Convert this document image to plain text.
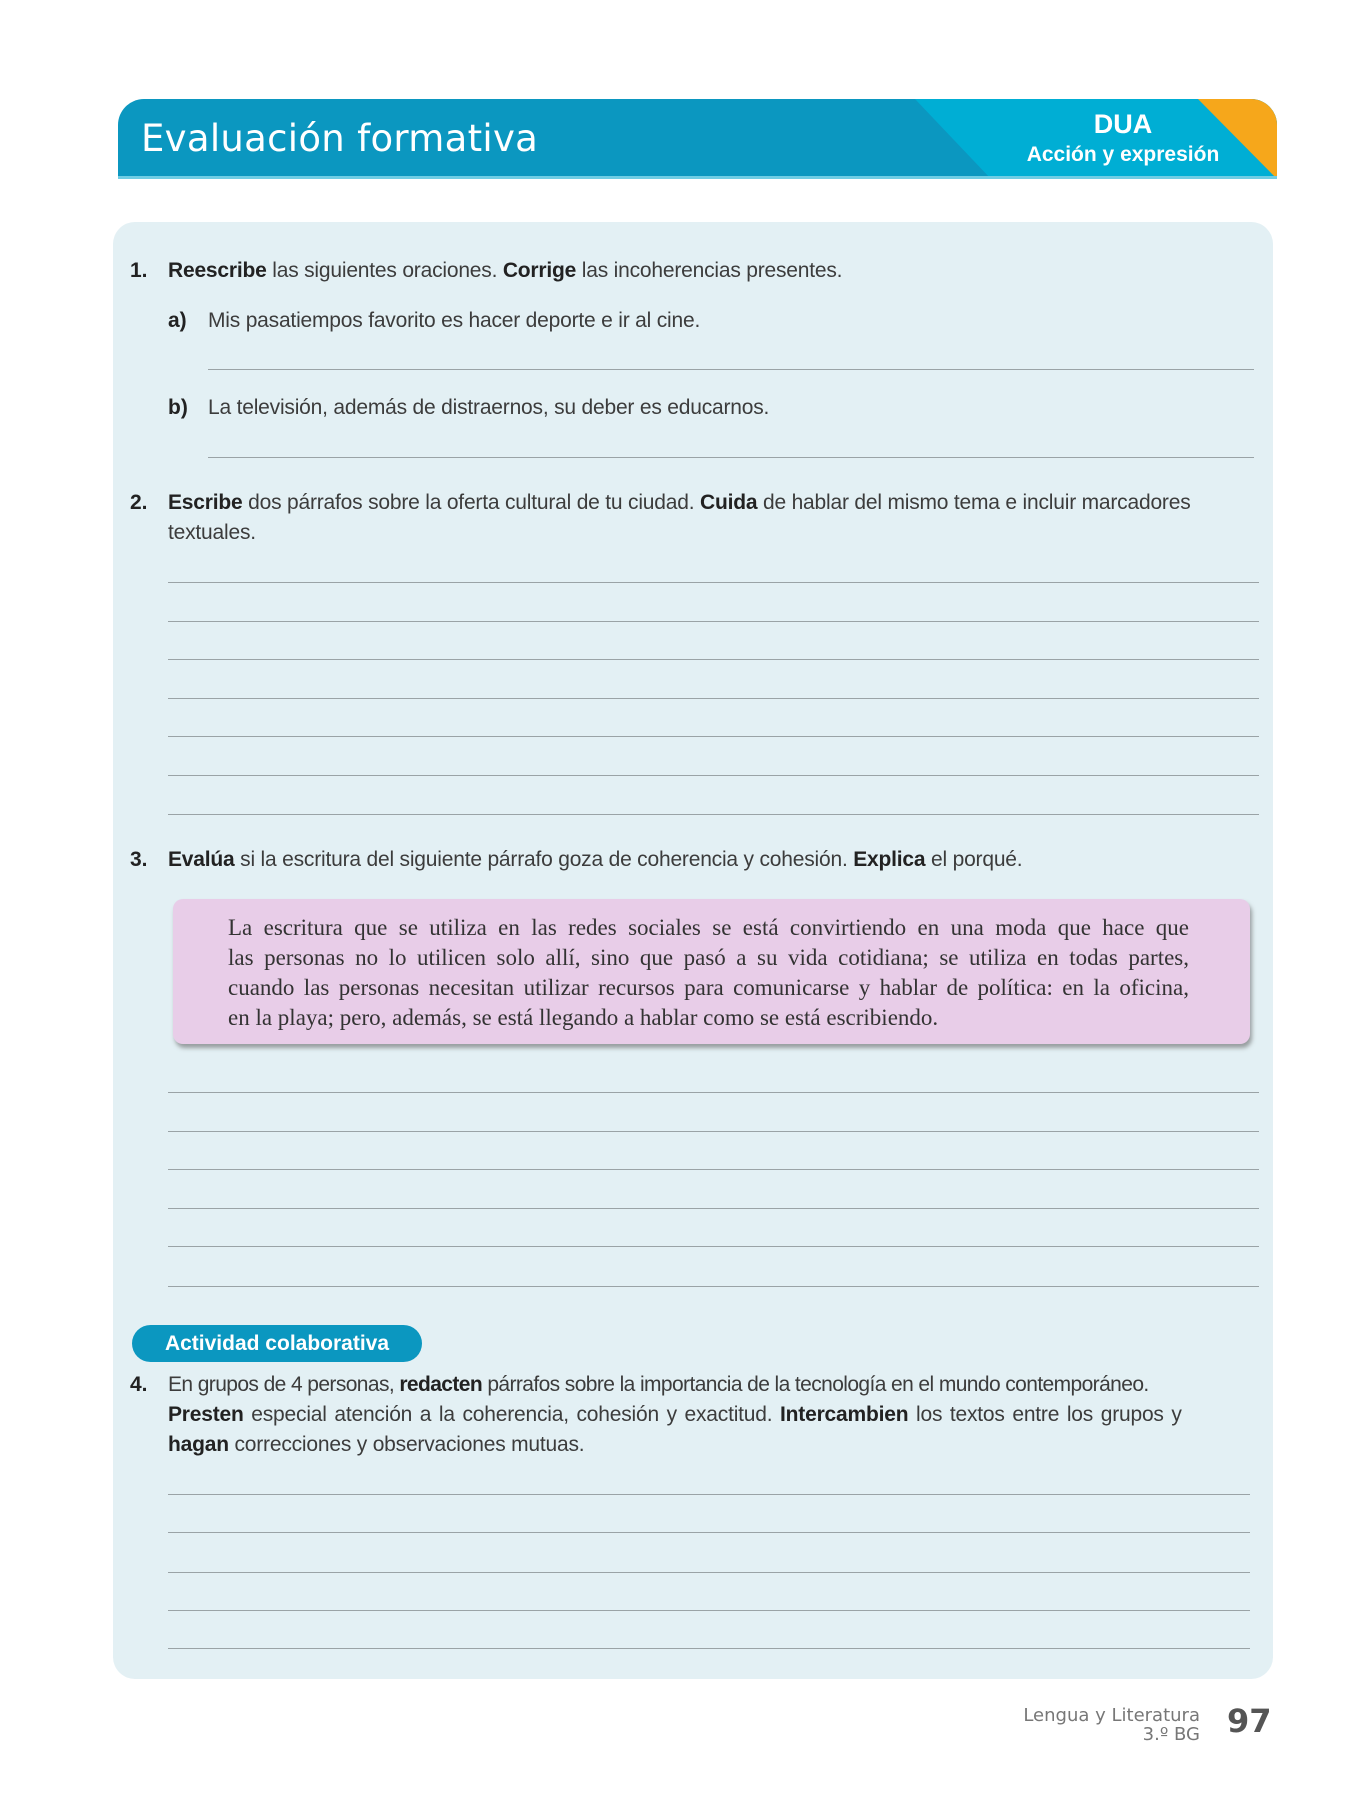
Evaluación formativa	DUA
Acción y expresión
1. Reescribe las siguientes oraciones. Corrige las incoherencias presentes.
a) Mis pasatiempos favorito es hacer deporte e ir al cine.
b) La televisión, además de distraernos, su deber es educarnos.
2. Escribe dos párrafos sobre la oferta cultural de tu ciudad. Cuida de hablar del mismo tema e incluir marcadores
textuales.
3. Evalúa si la escritura del siguiente párrafo goza de coherencia y cohesión. Explica el porqué.
La escritura que se utiliza en las redes sociales se está convirtiendo en una moda que hace que
las personas no lo utilicen solo allí, sino que pasó a su vida cotidiana; se utiliza en todas partes,
cuando las personas necesitan utilizar recursos para comunicarse y hablar de política: en la oficina,
en la playa; pero, además, se está llegando a hablar como se está escribiendo.
Actividad colaborativa
4. En grupos de 4 personas, redacten párrafos sobre la importancia de la tecnología en el mundo contemporáneo.
Presten especial atención a la coherencia, cohesión y exactitud. Intercambien los textos entre los grupos y
hagan correcciones y observaciones mutuas.
Lengua y Literatura
3.º BG 97
